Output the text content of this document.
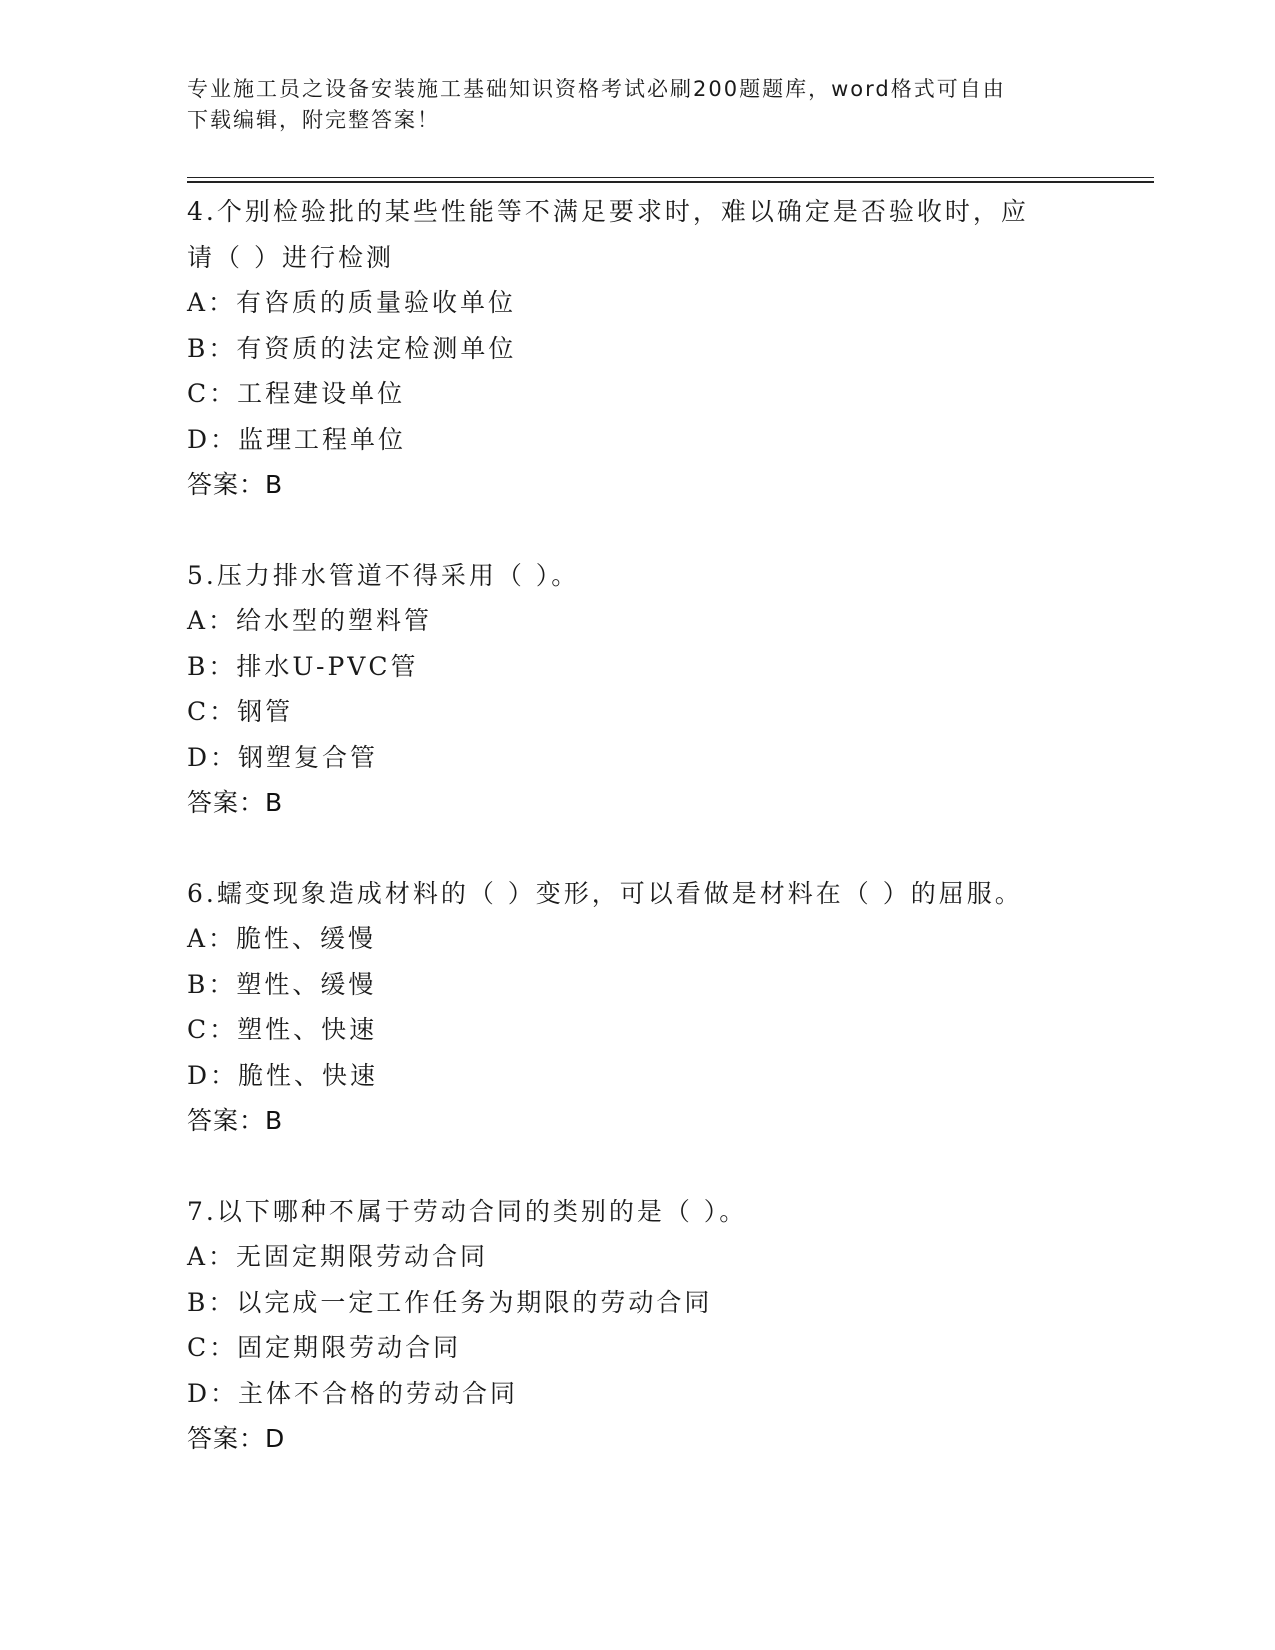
专业施工员之设备安装施工基础知识资格考试必刷200题题库，word格式可自由
下载编辑，附完整答案！
4.个别检验批的某些性能等不满足要求时，难以确定是否验收时，应
请（ ）进行检测
A：有咨质的质量验收单位
B：有资质的法定检测单位
C：工程建设单位
D：监理工程单位
答案：B
5.压力排水管道不得采用（ ）。
A：给水型的塑料管
B：排水U-PVC管
C：钢管
D：钢塑复合管
答案：B
6.蠕变现象造成材料的（ ）变形，可以看做是材料在（ ）的屈服。
A：脆性、缓慢
B：塑性、缓慢
C：塑性、快速
D：脆性、快速
答案：B
7.以下哪种不属于劳动合同的类别的是（ ）。
A：无固定期限劳动合同
B：以完成一定工作任务为期限的劳动合同
C：固定期限劳动合同
D：主体不合格的劳动合同
答案：D
